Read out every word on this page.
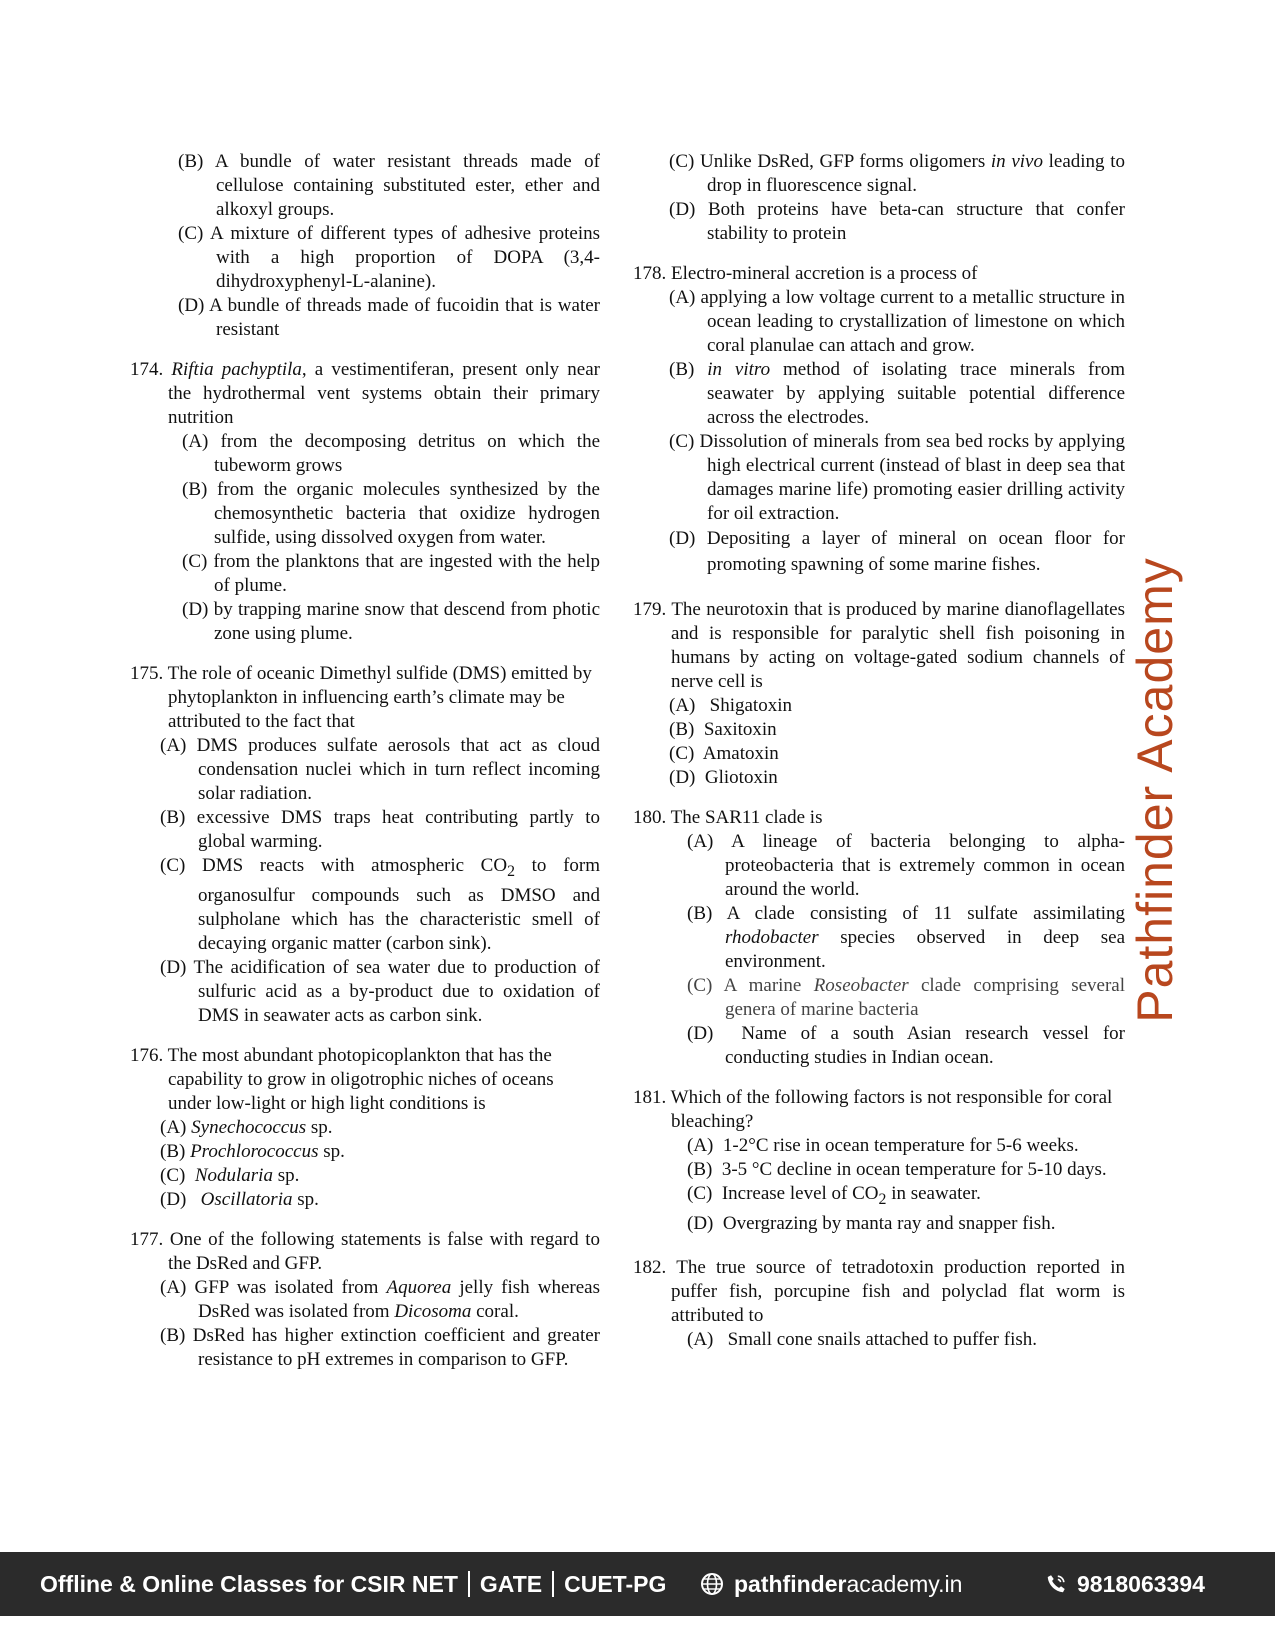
(B) A bundle of water resistant threads made of cellulose containing substituted ester, ether and alkoxyl groups.

(C) A mixture of different types of adhesive proteins with a high proportion of DOPA (3,4-dihydroxyphenyl-L-alanine).

(D) A bundle of threads made of fucoidin that is water resistant

174. Riftia pachyptila, a vestimentiferan, present only near the hydrothermal vent systems obtain their primary nutrition

(A) from the decomposing detritus on which the tubeworm grows

(B) from the organic molecules synthesized by the chemosynthetic bacteria that oxidize hydrogen sulfide, using dissolved oxygen from water.

(C) from the planktons that are ingested with the help of plume.

(D) by trapping marine snow that descend from photic zone using plume.

175. The role of oceanic Dimethyl sulfide (DMS) emitted by phytoplankton in influencing earth’s climate may be attributed to the fact that

(A) DMS produces sulfate aerosols that act as cloud condensation nuclei which in turn reflect incoming solar radiation.

(B) excessive DMS traps heat contributing partly to global warming.

(C) DMS reacts with atmospheric $CO_2$ to form organosulfur compounds such as DMSO and sulpholane which has the characteristic smell of decaying organic matter (carbon sink).

(D) The acidification of sea water due to production of sulfuric acid as a by-product due to oxidation of DMS in seawater acts as carbon sink.

176. The most abundant photopicoplankton that has the capability to grow in oligotrophic niches of oceans under low-light or high light conditions is

(A) Synechococcus sp.

(B) Prochlorococcus sp.

(C) Nodularia sp.

(D) Oscillatoria sp.

177. One of the following statements is false with regard to the DsRed and GFP.

(A) GFP was isolated from Aquorea jelly fish whereas DsRed was isolated from Dicosoma coral.

(B) DsRed has higher extinction coefficient and greater resistance to pH extremes in comparison to GFP.

(C) Unlike DsRed, GFP forms oligomers in vivo leading to drop in fluorescence signal.

(D) Both proteins have beta-can structure that confer stability to protein

178. Electro-mineral accretion is a process of

(A) applying a low voltage current to a metallic structure in ocean leading to crystallization of limestone on which coral planulae can attach and grow.

(B) in vitro method of isolating trace minerals from seawater by applying suitable potential difference across the electrodes.

(C) Dissolution of minerals from sea bed rocks by applying high electrical current (instead of blast in deep sea that damages marine life) promoting easier drilling activity for oil extraction.

(D) Depositing a layer of mineral on ocean floor for promoting spawning of some marine fishes.

179. The neurotoxin that is produced by marine dianoflagellates and is responsible for paralytic shell fish poisoning in humans by acting on voltage-gated sodium channels of nerve cell is

(A) Shigatoxin

(B) Saxitoxin

(C) Amatoxin

(D) Gliotoxin

180. The SAR11 clade is

(A) A lineage of bacteria belonging to alpha-proteobacteria that is extremely common in ocean around the world.

(B) A clade consisting of 11 sulfate assimilating rhodobacter species observed in deep sea environment.

(C) A marine Roseobacter clade comprising several genera of marine bacteria

(D) Name of a south Asian research vessel for conducting studies in Indian ocean.

181. Which of the following factors is not responsible for coral bleaching?

(A) 1-2°C rise in ocean temperature for 5-6 weeks.

(B) 3-5 °C decline in ocean temperature for 5-10 days.

(C) Increase level of $CO_2$ in seawater.

(D) Overgrazing by manta ray and snapper fish.

182. The true source of tetradotoxin production reported in puffer fish, porcupine fish and polyclad flat worm is attributed to

(A) Small cone snails attached to puffer fish.

Pathfinder Academy
Offline & Online Classes for CSIR NET GATE CUET-PG	pathfinder academy.in	9818063394
